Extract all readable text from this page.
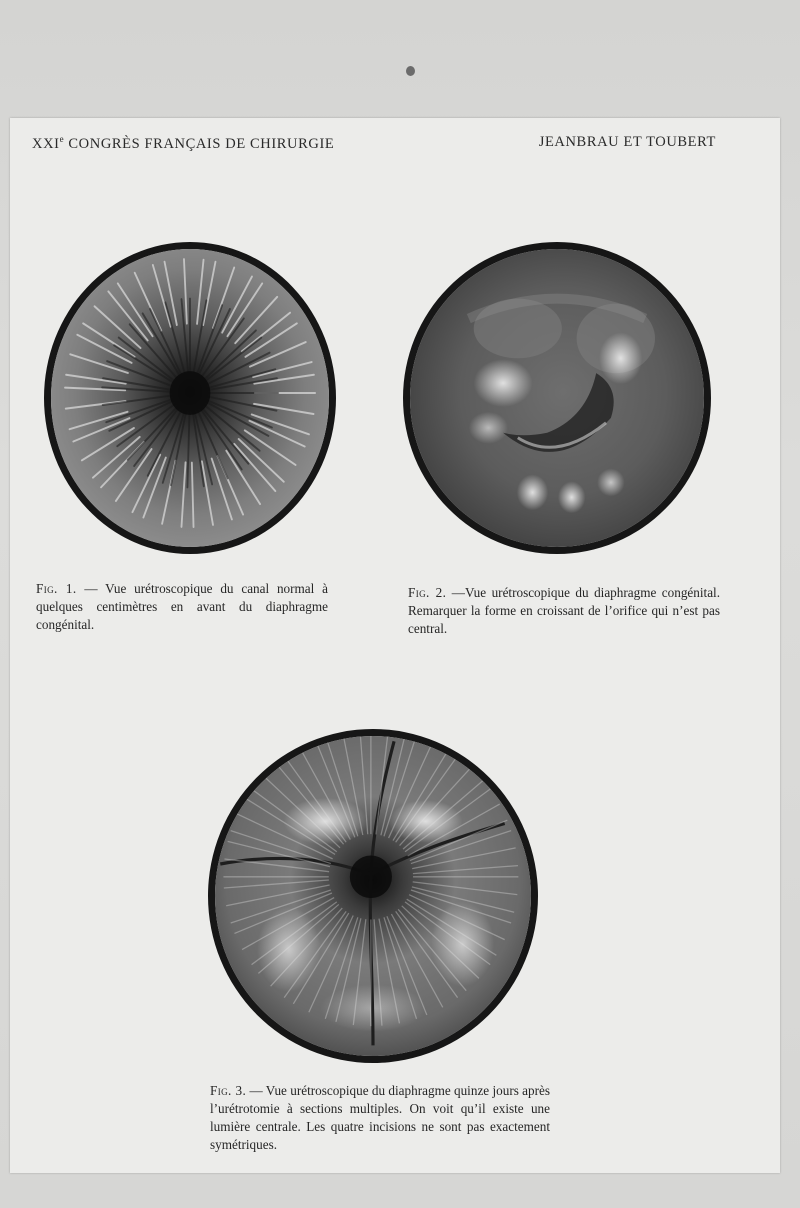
XXIe CONGRÈS FRANÇAIS DE CHIRURGIE	JEANBRAU ET TOUBERT
Fig. 1. — Vue urétroscopique du canal normal à quelques centimètres en avant du diaphragme congénital.
Fig. 2. —Vue urétroscopique du diaphragme congénital. Remarquer la forme en croissant de l’orifice qui n’est pas central.
Fig. 3. — Vue urétroscopique du diaphragme quinze jours après l’urétrotomie à sections multiples. On voit qu’il existe une lumière centrale. Les quatre incisions ne sont pas exactement symétriques.
